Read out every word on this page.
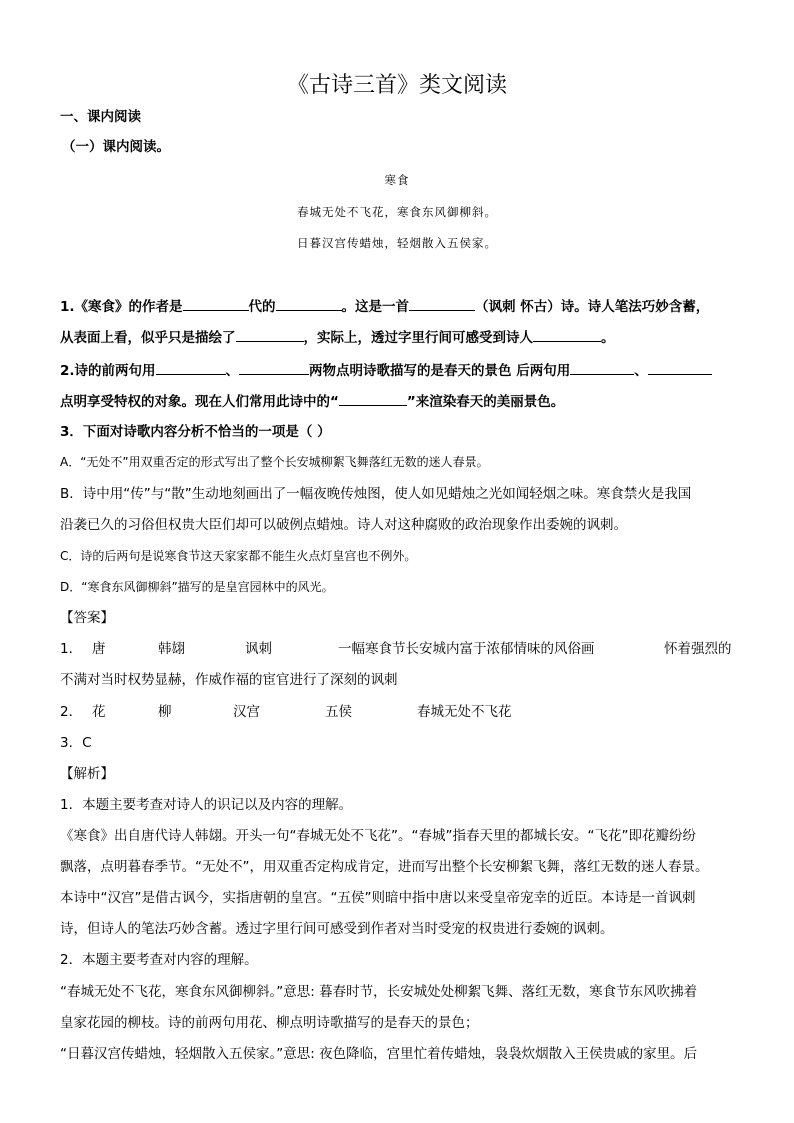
《古诗三首》类文阅读
一、课内阅读
（一）课内阅读。
寒食
春城无处不飞花，寒食东风御柳斜。
日暮汉宫传蜡烛，轻烟散入五侯家。
1.《寒食》的作者是	代的	。这是一首	（讽刺 怀古）诗。诗人笔法巧妙含蓄，
从表面上看，似乎只是描绘了	，实际上，透过字里行间可感受到诗人	。
2.诗的前两句用	、	两物点明诗歌描写的是春天的景色 后两句用	、
点明享受特权的对象。现在人们常用此诗中的“	”来渲染春天的美丽景色。
3．下面对诗歌内容分析不恰当的一项是（ ）
A．“无处不”用双重否定的形式写出了整个长安城柳絮飞舞落红无数的迷人春景。
B．诗中用“传”与“散”生动地刻画出了一幅夜晚传烛图，使人如见蜡烛之光如闻轻烟之味。寒食禁火是我国
沿袭已久的习俗但权贵大臣们却可以破例点蜡烛。诗人对这种腐败的政治现象作出委婉的讽刺。
C．诗的后两句是说寒食节这天家家都不能生火点灯皇宫也不例外。
D．“寒食东风御柳斜”描写的是皇宫园林中的风光。
【答案】
1． 唐	韩翃	讽刺	一幅寒食节长安城内富于浓郁情味的风俗画	怀着强烈的
不满对当时权势显赫，作威作福的宦官进行了深刻的讽刺
2． 花	柳	汉宫	五侯	春城无处不飞花
3．C
【解析】
1．本题主要考查对诗人的识记以及内容的理解。
《寒食》出自唐代诗人韩翃。开头一句“春城无处不飞花”。“春城”指春天里的都城长安。“飞花”即花瓣纷纷
飘落，点明暮春季节。“无处不”，用双重否定构成肯定，进而写出整个长安柳絮飞舞，落红无数的迷人春景。
本诗中“汉宫”是借古讽今，实指唐朝的皇宫。“五侯”则暗中指中唐以来受皇帝宠幸的近臣。本诗是一首讽刺
诗，但诗人的笔法巧妙含蓄。透过字里行间可感受到作者对当时受宠的权贵进行委婉的讽刺。
2．本题主要考查对内容的理解。
“春城无处不飞花，寒食东风御柳斜。”意思: 暮春时节，长安城处处柳絮飞舞、落红无数，寒食节东风吹拂着
皇家花园的柳枝。诗的前两句用花、柳点明诗歌描写的是春天的景色；
“日暮汉宫传蜡烛，轻烟散入五侯家。”意思: 夜色降临，宫里忙着传蜡烛，袅袅炊烟散入王侯贵戚的家里。后
